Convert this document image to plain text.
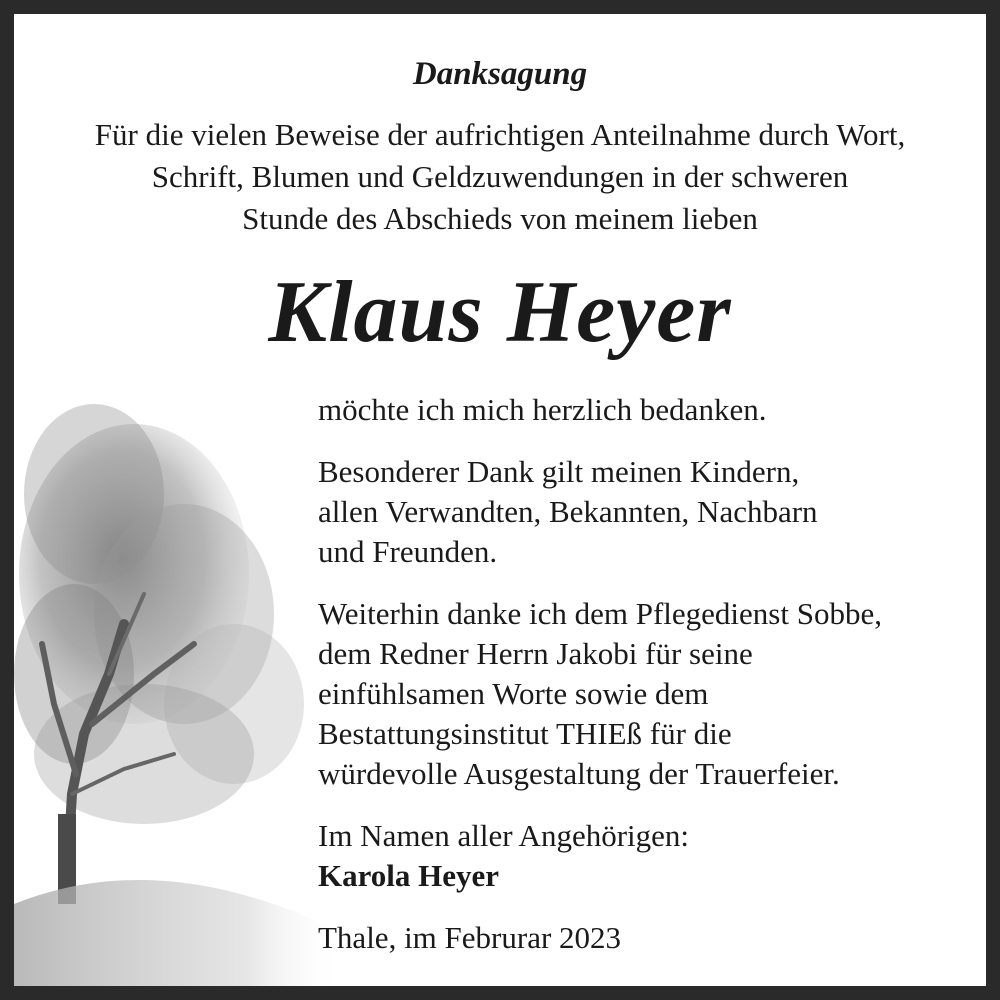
Danksagung
Für die vielen Beweise der aufrichtigen Anteilnahme durch Wort,
Schrift, Blumen und Geldzuwendungen in der schweren
Stunde des Abschieds von meinem lieben
Klaus Heyer

möchte ich mich herzlich bedanken.

Besonderer Dank gilt meinen Kindern,
allen Verwandten, Bekannten, Nachbarn
und Freunden.

Weiterhin danke ich dem Pflegedienst Sobbe,
dem Redner Herrn Jakobi für seine
einfühlsamen Worte sowie dem
Bestattungsinstitut THIEß für die
würdevolle Ausgestaltung der Trauerfeier.

Im Namen aller Angehörigen:

Karola Heyer

Thale, im Februrar 2023
